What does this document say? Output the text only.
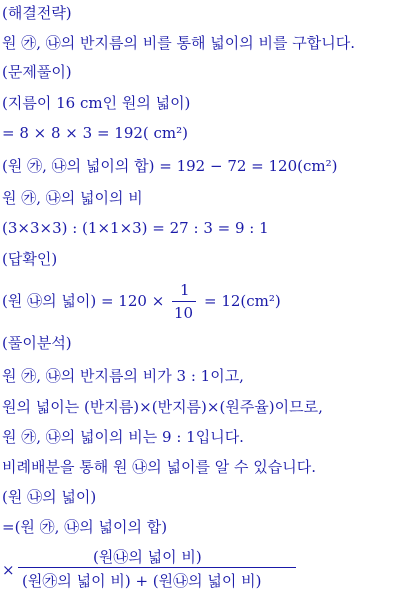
(해결전략)
원 ㉮, ㉯의 반지름의 비를 통해 넓이의 비를 구합니다.
(문제풀이)
(지름이 16 cm인 원의 넓이)
= 8 × 8 × 3 = 192( cm²)
(원 ㉮, ㉯의 넓이의 합) = 192 − 72 = 120(cm²)
원 ㉮, ㉯의 넓이의 비
(3×3×3) : (1×1×3) = 27 : 3 = 9 : 1
(답확인)
(원 ㉯의 넓이) = 120 ×
1
10
= 12(cm²)
(풀이분석)
원 ㉮, ㉯의 반지름의 비가 3 : 1이고,
원의 넓이는 (반지름)×(반지름)×(원주율)이므로,
원 ㉮, ㉯의 넓이의 비는 9 : 1입니다.
비례배분을 통해 원 ㉯의 넓이를 알 수 있습니다.
(원 ㉯의 넓이)
=(원 ㉮, ㉯의 넓이의 합)
×
(원㉯의 넓이 비)
(원㉮의 넓이 비) + (원㉯의 넓이 비)
